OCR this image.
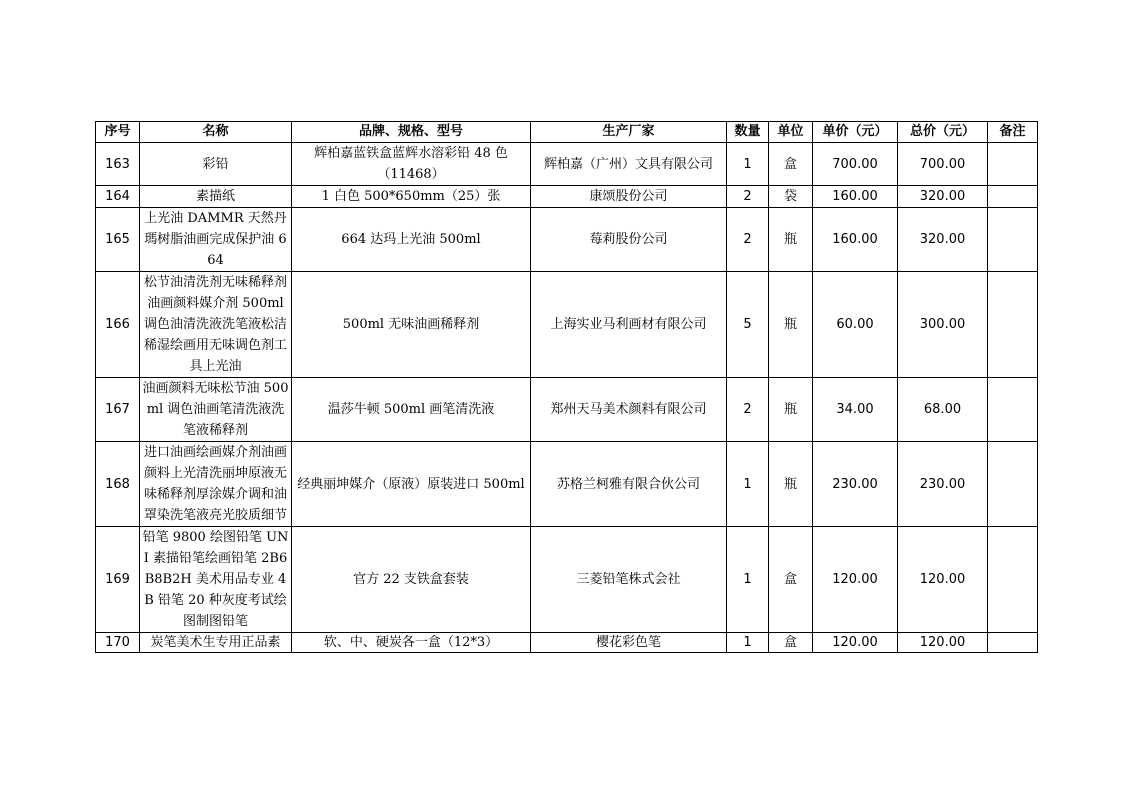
序号	名称	品牌、规格、型号	生产厂家	数量	单位	单价（元）	总价（元）	备注
163	彩铅	辉柏嘉蓝铁盒蓝辉水溶彩铅 48 色（11468）	辉柏嘉（广州）文具有限公司	1	盒	700.00	700.00	
164	素描纸	1 白色 500*650mm（25）张	康颂股份公司	2	袋	160.00	320.00	
165	上光油 DAMMR 天然丹瑪树脂油画完成保护油 664	664 达玛上光油 500ml	莓莉股份公司	2	瓶	160.00	320.00	
166	松节油清洗剂无味稀释剂油画颜料媒介剂 500ml 调色油清洗液洗笔液松洁稀湿绘画用无味调色剂工具上光油	500ml 无味油画稀释剂	上海实业马利画材有限公司	5	瓶	60.00	300.00	
167	油画颜料无味松节油 500ml 调色油画笔清洗液洗笔液稀释剂	温莎牛顿 500ml 画笔清洗液	郑州天马美术颜料有限公司	2	瓶	34.00	68.00	
168	进口油画绘画媒介剂油画颜料上光清洗丽坤原液无味稀释剂厚涂媒介调和油罩染洗笔液亮光胶质细节	经典丽坤媒介（原液）原装进口 500ml	苏格兰柯雅有限合伙公司	1	瓶	230.00	230.00	
169	铅笔 9800 绘图铅笔 UNI 素描铅笔绘画铅笔 2B6B8B2H 美术用品专业 4B 铅笔 20 种灰度考试绘图制图铅笔	官方 22 支铁盒套装	三菱铅笔株式会社	1	盒	120.00	120.00	
170	炭笔美术生专用正品素	软、中、硬炭各一盒（12*3）	樱花彩色笔	1	盒	120.00	120.00	
